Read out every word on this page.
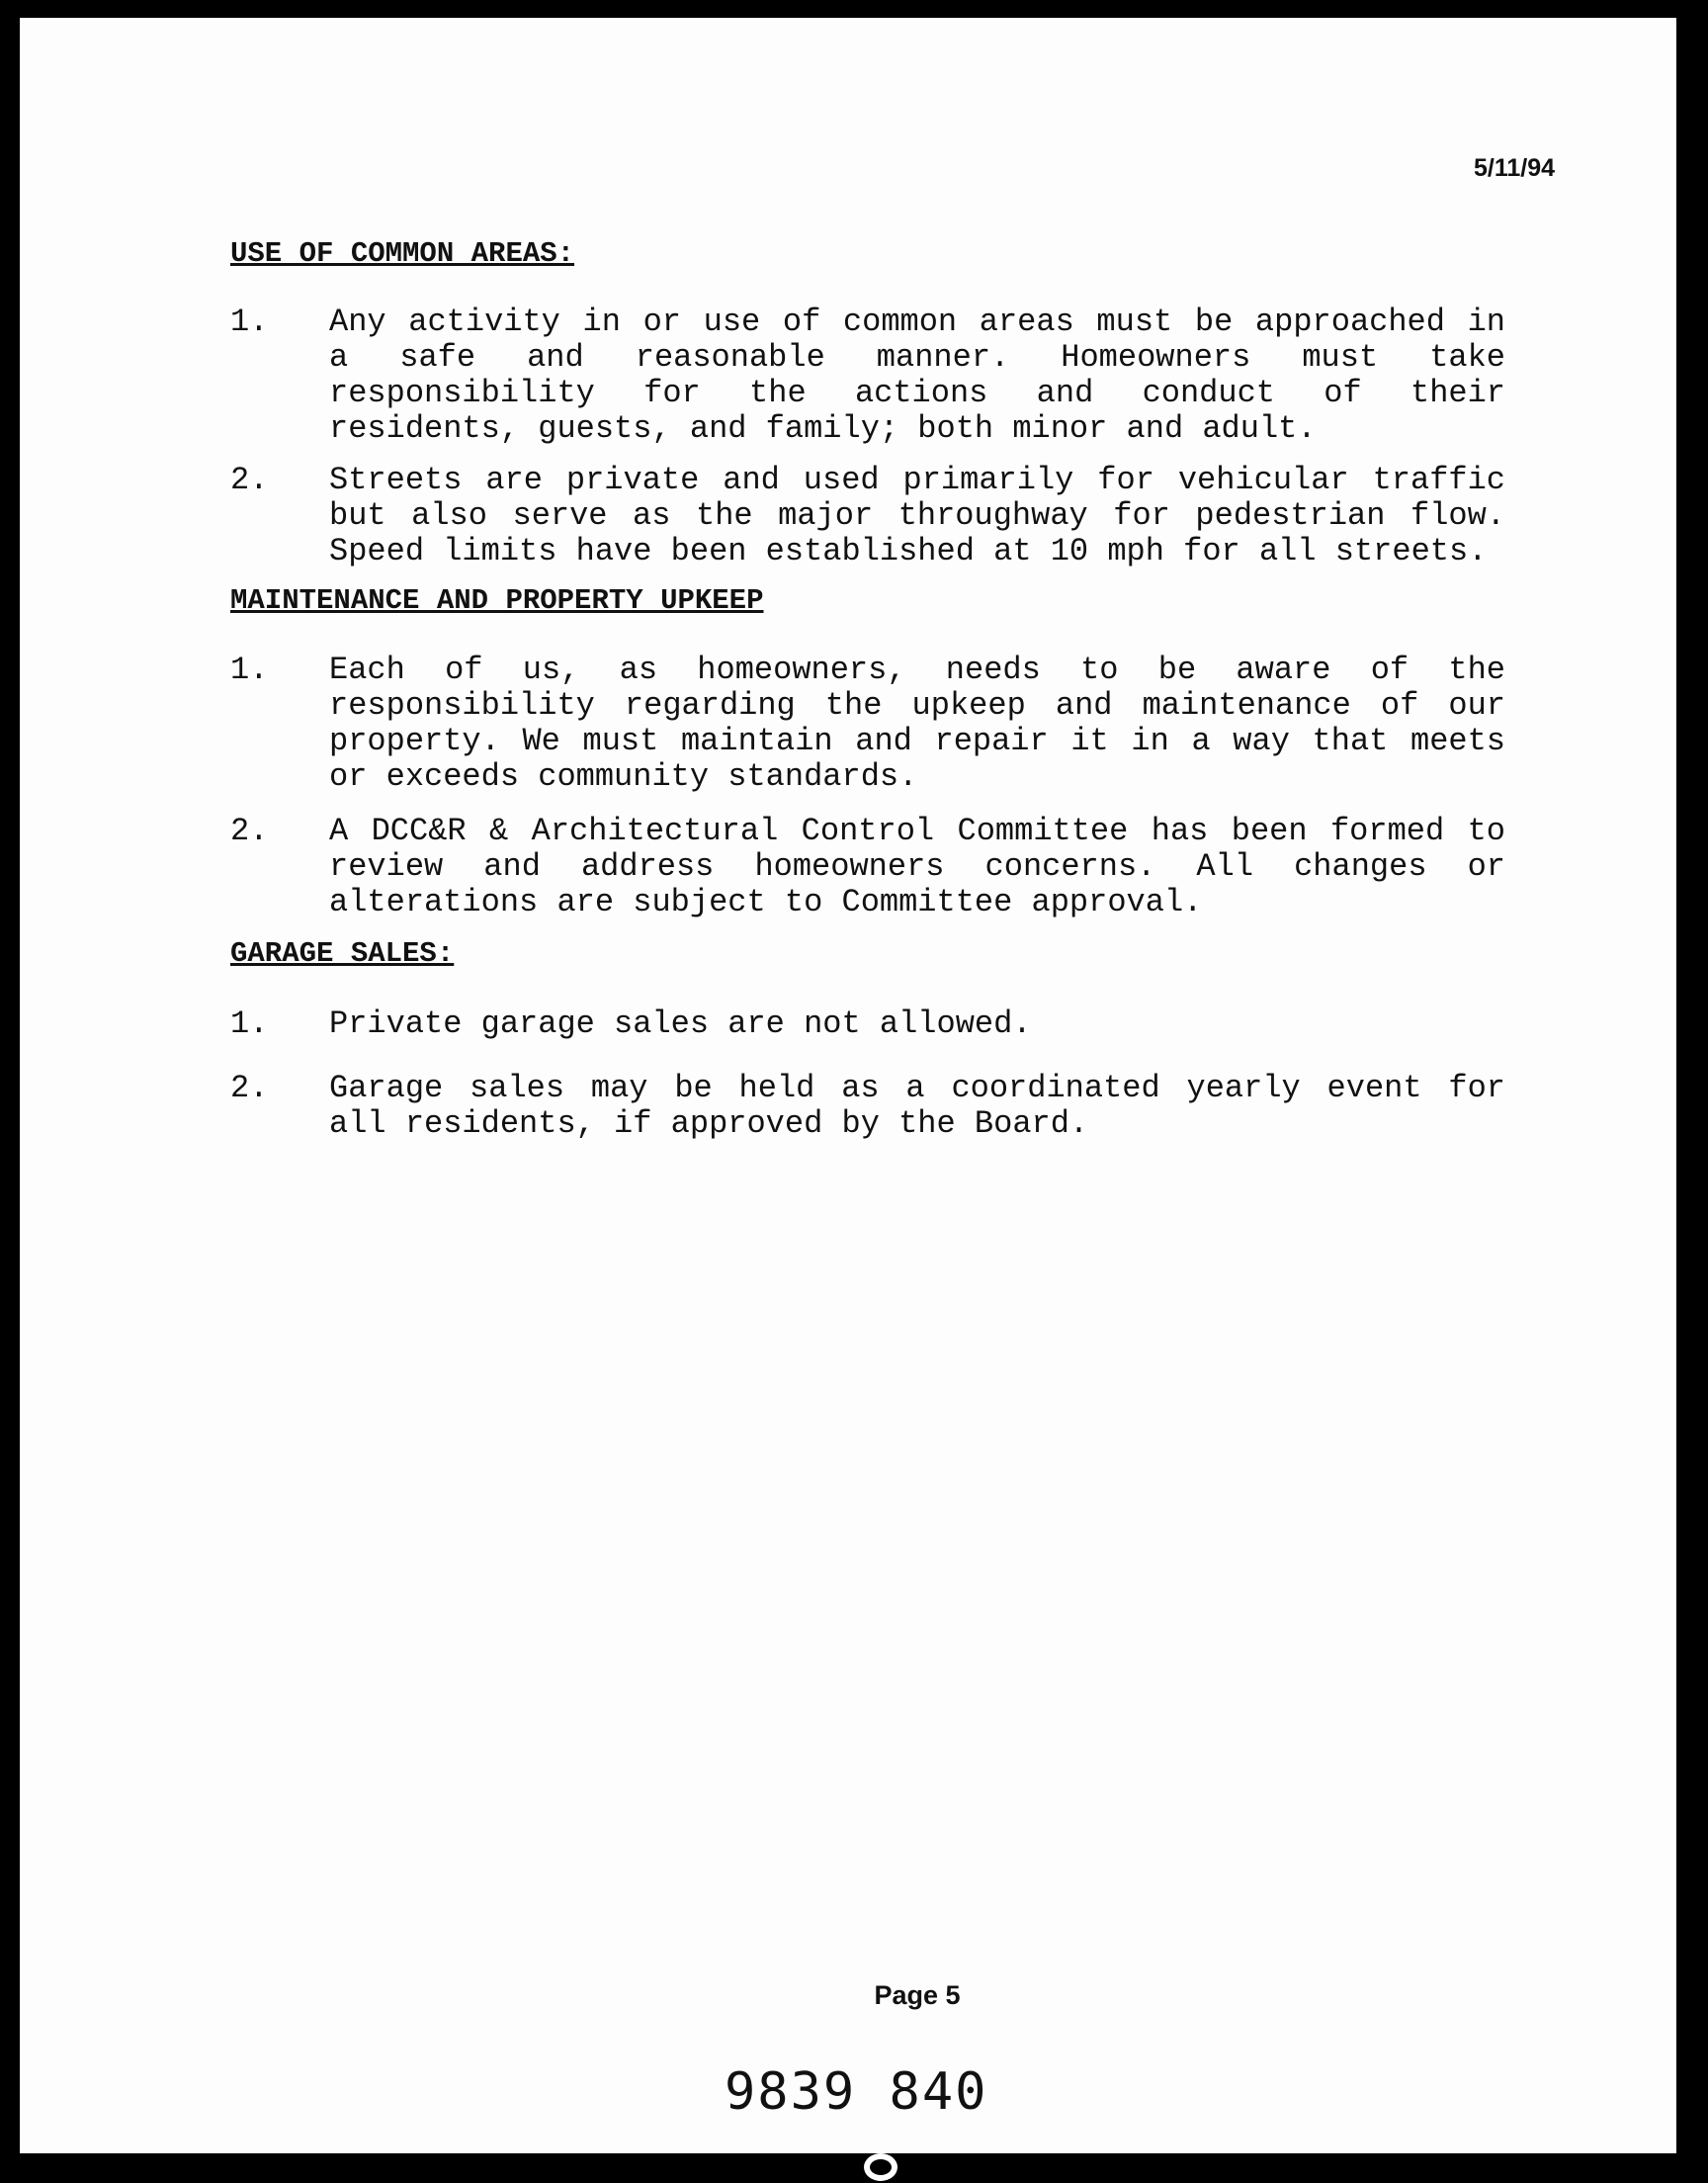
5/11/94
USE OF COMMON AREAS:
1. Any activity in or use of common areas must be approached in a safe and reasonable manner. Homeowners must take responsibility for the actions and conduct of their residents, guests, and family; both minor and adult.
2. Streets are private and used primarily for vehicular traffic but also serve as the major throughway for pedestrian flow. Speed limits have been established at 10 mph for all streets.
MAINTENANCE AND PROPERTY UPKEEP
1. Each of us, as homeowners, needs to be aware of the responsibility regarding the upkeep and maintenance of our property. We must maintain and repair it in a way that meets or exceeds community standards.
2. A DCC&R & Architectural Control Committee has been formed to review and address homeowners concerns. All changes or alterations are subject to Committee approval.
GARAGE SALES:
1. Private garage sales are not allowed.
2. Garage sales may be held as a coordinated yearly event for all residents, if approved by the Board.
Page 5
9839 840
